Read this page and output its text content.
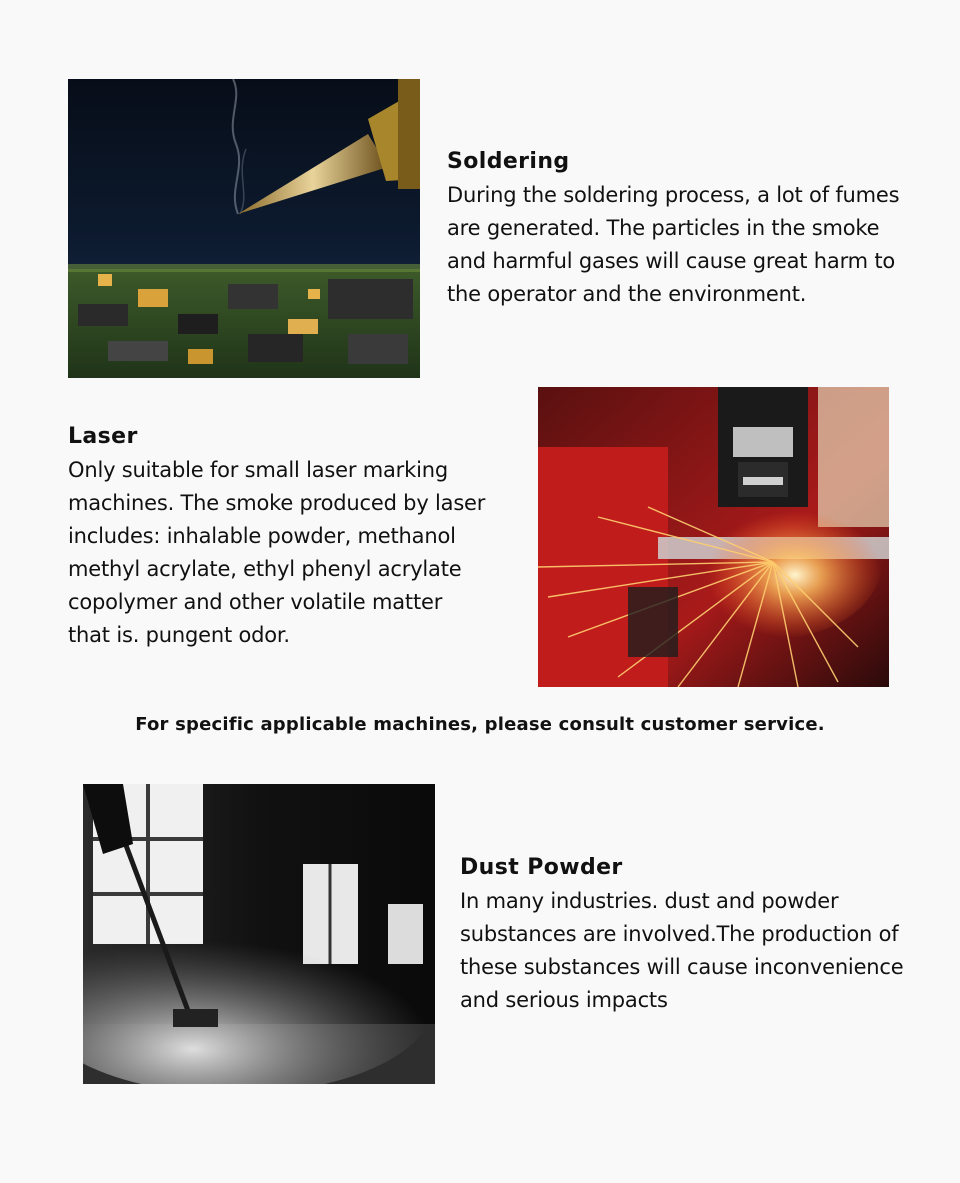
Soldering

During the soldering process, a lot of fumes are generated. The particles in the smoke and harmful gases will cause great harm to the operator and the environment.

Laser

Only suitable for small laser marking machines. The smoke produced by laser includes: inhalable powder, methanol methyl acrylate, ethyl phenyl acrylate copolymer and other volatile matter that is. pungent odor.

For specific applicable machines, please consult customer service.

Dust Powder

In many industries. dust and powder substances are involved.The production of these substances will cause inconvenience and serious impacts
